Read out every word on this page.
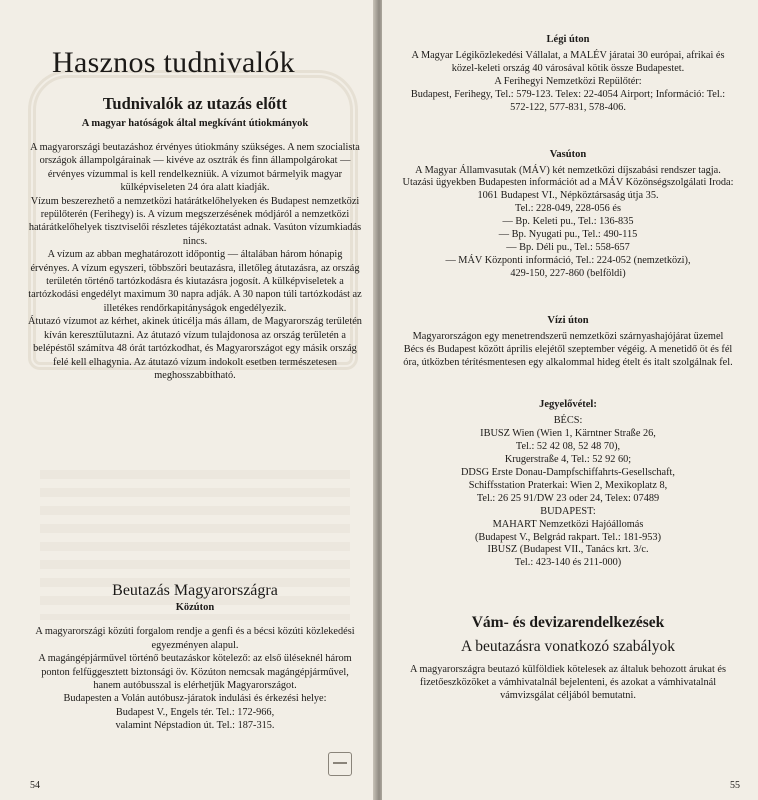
Hasznos tudnivalók
Tudnivalók az utazás előtt
A magyar hatóságok által megkívánt útiokmányok

A magyarországi beutazáshoz érvényes útiokmány szükséges. A nem szocialista országok állampolgárainak — kivéve az osztrák és finn állampolgárokat — érvényes vízummal is kell rendelkezniük. A vízumot bármelyik magyar külképviseleten 24 óra alatt kiadják.

Vízum beszerezhető a nemzetközi határátkelőhelyeken és Budapest nemzetközi repülőterén (Ferihegy) is. A vízum megszerzésének módjáról a nemzetközi határátkelőhelyek tisztviselői részletes tájékoztatást adnak. Vasúton vízumkiadás nincs.

A vízum az abban meghatározott időpontig — általában három hónapig érvényes. A vízum egyszeri, többszöri beutazásra, illetőleg átutazásra, az ország területén történő tartózkodásra és kiutazásra jogosít. A külképviseletek a tartózkodási engedélyt maximum 30 napra adják. A 30 napon túli tartózkodást az illetékes rendőrkapitányságok engedélyezik.

Átutazó vízumot az kérhet, akinek úticélja más állam, de Magyarország területén kíván keresztülutazni. Az átutazó vízum tulajdonosa az ország területén a belépéstől számítva 48 órát tartózkodhat, és Magyarországot egy másik ország felé kell elhagynia. Az átutazó vízum indokolt esetben természetesen meghosszabbítható.

Beutazás Magyarországra
Közúton

A magyarországi közúti forgalom rendje a genfi és a bécsi közúti közlekedési egyezményen alapul.

A magángépjárművel történő beutazáskor kötelező: az első üléseknél három ponton felfüggesztett biztonsági öv. Közúton nemcsak magángépjárművel, hanem autóbusszal is elérhetjük Magyarországot.

Budapesten a Volán autóbusz-járatok indulási és érkezési helye:

Budapest V., Engels tér. Tel.: 172-966,

valamint Népstadion út. Tel.: 187-315.

54
Légi úton

A Magyar Légiközlekedési Vállalat, a MALÉV járatai 30 európai, afrikai és közel-keleti ország 40 városával kötik össze Budapestet.

A Ferihegyi Nemzetközi Repülőtér:

Budapest, Ferihegy, Tel.: 579-123. Telex: 22-4054 Airport; Információ: Tel.: 572-122, 577-831, 578-406.

Vasúton

A Magyar Államvasutak (MÁV) két nemzetközi díjszabási rendszer tagja.

Utazási ügyekben Budapesten információt ad a MÁV Közönségszolgálati Iroda:

1061 Budapest VI., Népköztársaság útja 35.

Tel.: 228-049, 228-056 és

— Bp. Keleti pu., Tel.: 136-835

— Bp. Nyugati pu., Tel.: 490-115

— Bp. Déli pu., Tel.: 558-657

— MÁV Központi információ, Tel.: 224-052 (nemzetközi),

429-150, 227-860 (belföldi)

Vízi úton

Magyarországon egy menetrendszerű nemzetközi szárnyashajójárat üzemel Bécs és Budapest között április elejétől szeptember végéig. A menetidő öt és fél óra, útközben térítésmentesen egy alkalommal hideg ételt és italt szolgálnak fel.

Jegyelővétel:

BÉCS:

IBUSZ Wien (Wien 1, Kärntner Straße 26,

Tel.: 52 42 08, 52 48 70),

Krugerstraße 4, Tel.: 52 92 60;

DDSG Erste Donau-Dampfschiffahrts-Gesellschaft,

Schiffsstation Praterkai: Wien 2, Mexikoplatz 8,

Tel.: 26 25 91/DW 23 oder 24, Telex: 07489

BUDAPEST:

MAHART Nemzetközi Hajóállomás

(Budapest V., Belgrád rakpart. Tel.: 181-953)

IBUSZ (Budapest VII., Tanács krt. 3/c.

Tel.: 423-140 és 211-000)

Vám- és devizarendelkezések
A beutazásra vonatkozó szabályok

A magyarországra beutazó külföldiek kötelesek az általuk behozott árukat és fizetőeszközöket a vámhivatalnál bejelenteni, és azokat a vámhivatalnál vámvizsgálat céljából bemutatni.

55
